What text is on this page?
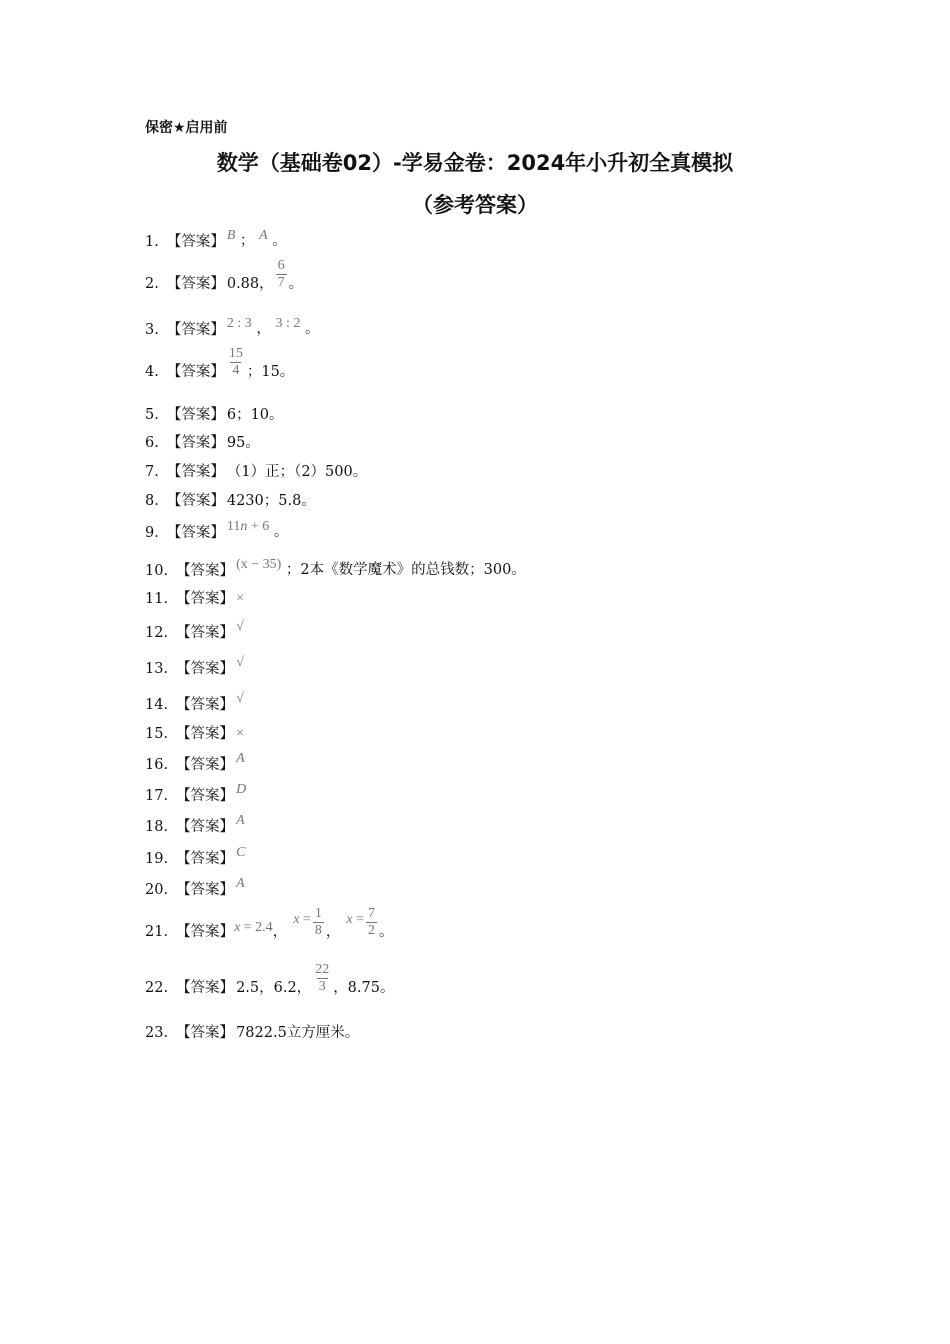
保密★启用前
数学（基础卷02）-学易金卷：2024年小升初全真模拟
（参考答案）
1. 【答案】 B ； A 。
2. 【答案】 0.88， $\frac{6}{7}$ 。
3. 【答案】 2 : 3 ， 3 : 2 。
4. 【答案】 $\frac{15}{4}$ ；15。
5. 【答案】 6；10。
6. 【答案】 95。
7. 【答案】 （1）正；（2）500。
8. 【答案】 4230；5.8。
9. 【答案】 11n + 6 。
10. 【答案】 (x − 35) ；2本《数学魔术》的总钱数；300。
11. 【答案】 ×
12. 【答案】 √
13. 【答案】 √
14. 【答案】 √
15. 【答案】 ×
16. 【答案】 A
17. 【答案】 D
18. 【答案】 A
19. 【答案】 C
20. 【答案】 A
21. 【答案】 x = 2.4 ，
$x = \frac{1}{8}$ ，
$x = \frac{7}{2}$ 。
22. 【答案】 2.5，6.2， $\frac{22}{3}$ ，8.75。
23. 【答案】 7822.5立方厘米。
